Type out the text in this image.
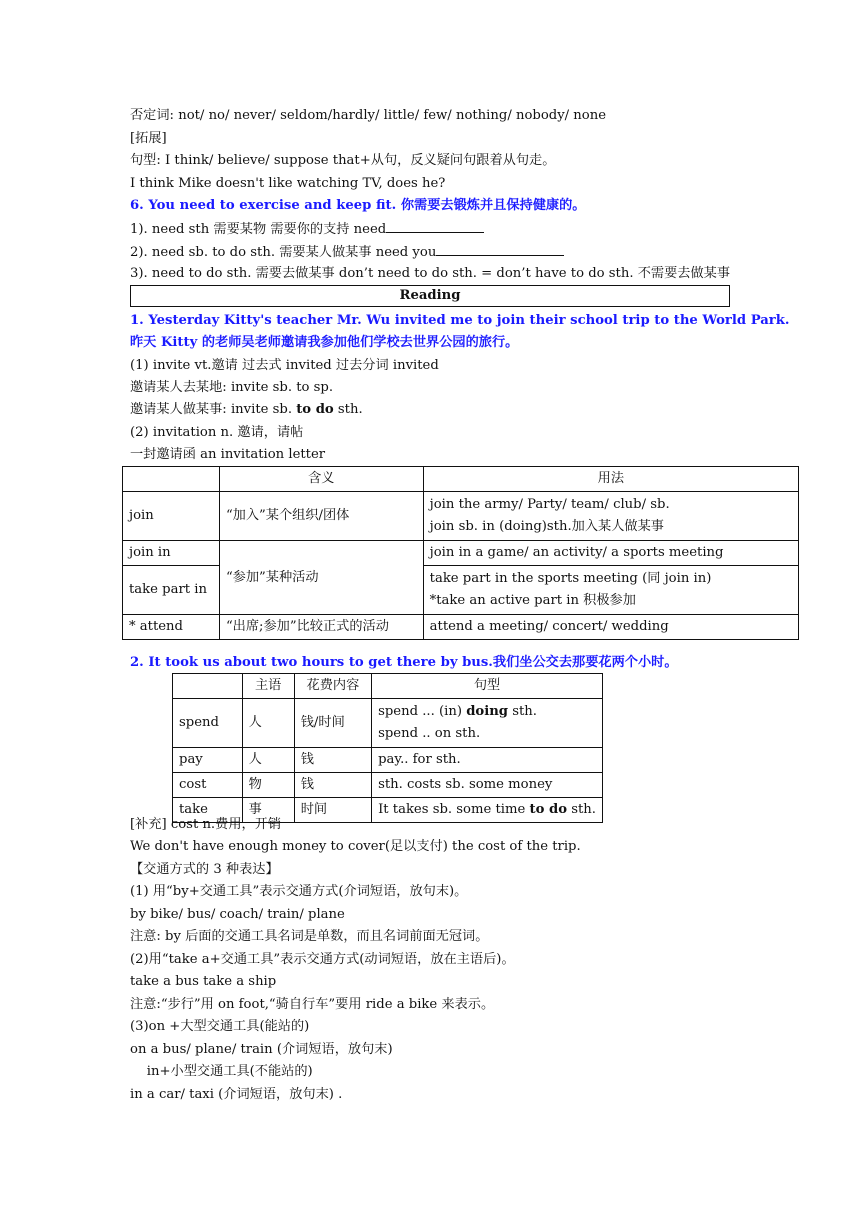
否定词: not/ no/ never/ seldom/hardly/ little/ few/ nothing/ nobody/ none
[拓展]
句型: I think/ believe/ suppose that+从句，反义疑问句跟着从句走。
I think Mike doesn't like watching TV, does he?
6. You need to exercise and keep fit. 你需要去锻炼并且保持健康的。
1). need sth 需要某物 需要你的支持 need
2). need sb. to do sth. 需要某人做某事 need you
3). need to do sth. 需要去做某事 don’t need to do sth. = don’t have to do sth. 不需要去做某事
Reading
1. Yesterday Kitty's teacher Mr. Wu invited me to join their school trip to the World Park.
昨天 Kitty 的老师吴老师邀请我参加他们学校去世界公园的旅行。
(1) invite vt.邀请 过去式 invited 过去分词 invited
邀请某人去某地: invite sb. to sp.
邀请某人做某事: invite sb. to do sth.
(2) invitation n. 邀请，请帖
一封邀请函 an invitation letter
	含义	用法
join	“加入”某个组织/团体	join the army/ Party/ team/ club/ sb.
join sb. in (doing)sth.加入某人做某事

join in	“参加”某种活动	join in a game/ an activity/ a sports meeting
take part in		take part in the sports meeting (同 join in)
*take an active part in 积极参加

* attend	“出席;参加”比较正式的活动	attend a meeting/ concert/ wedding
2. It took us about two hours to get there by bus.我们坐公交去那要花两个小时。
	主语	花费内容	句型
spend	人	钱/时间	spend ... (in) doing sth.
spend .. on sth.

pay	人	钱	pay.. for sth.
cost	物	钱	sth. costs sb. some money
take	事	时间	It takes sb. some time to do sth.
[补充] cost n.费用，开销
We don't have enough money to cover(足以支付) the cost of the trip.
【交通方式的 3 种表达】
(1) 用“by+交通工具”表示交通方式(介词短语，放句末)。
by bike/ bus/ coach/ train/ plane
注意: by 后面的交通工具名词是单数，而且名词前面无冠词。
(2)用“take a+交通工具”表示交通方式(动词短语，放在主语后)。
take a bus take a ship
注意:“步行”用 on foot,“骑自行车”要用 ride a bike 来表示。
(3)on +大型交通工具(能站的)
on a bus/ plane/ train (介词短语，放句末)
in+小型交通工具(不能站的)
in a car/ taxi (介词短语，放句末) .
